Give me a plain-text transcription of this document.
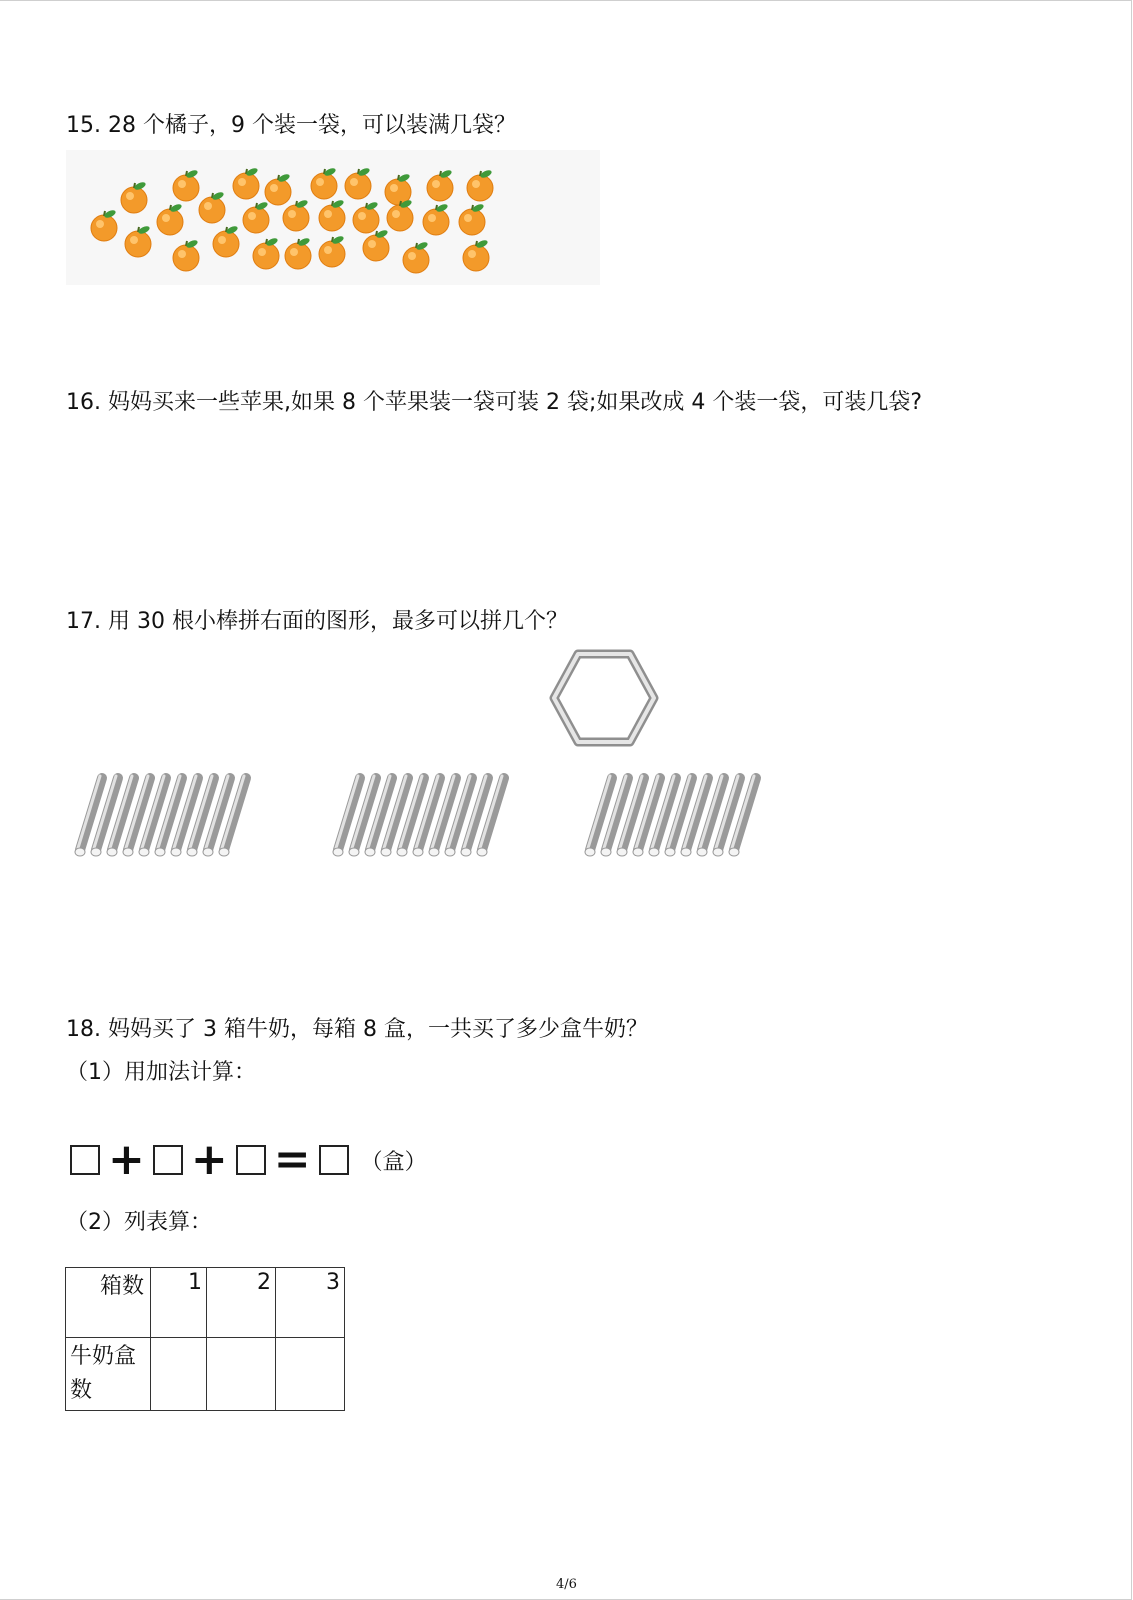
15. 28 个橘子，9 个装一袋，可以装满几袋？
16. 妈妈买来一些苹果,如果 8 个苹果装一袋可装 2 袋;如果改成 4 个装一袋，可装几袋?
17. 用 30 根小棒拼右面的图形，最多可以拼几个？
18. 妈妈买了 3 箱牛奶，每箱 8 盒，一共买了多少盒牛奶？
（1）用加法计算：
+ + = （盒）
（2）列表算：
箱数	1	2	3

牛奶盒数			

4/6
